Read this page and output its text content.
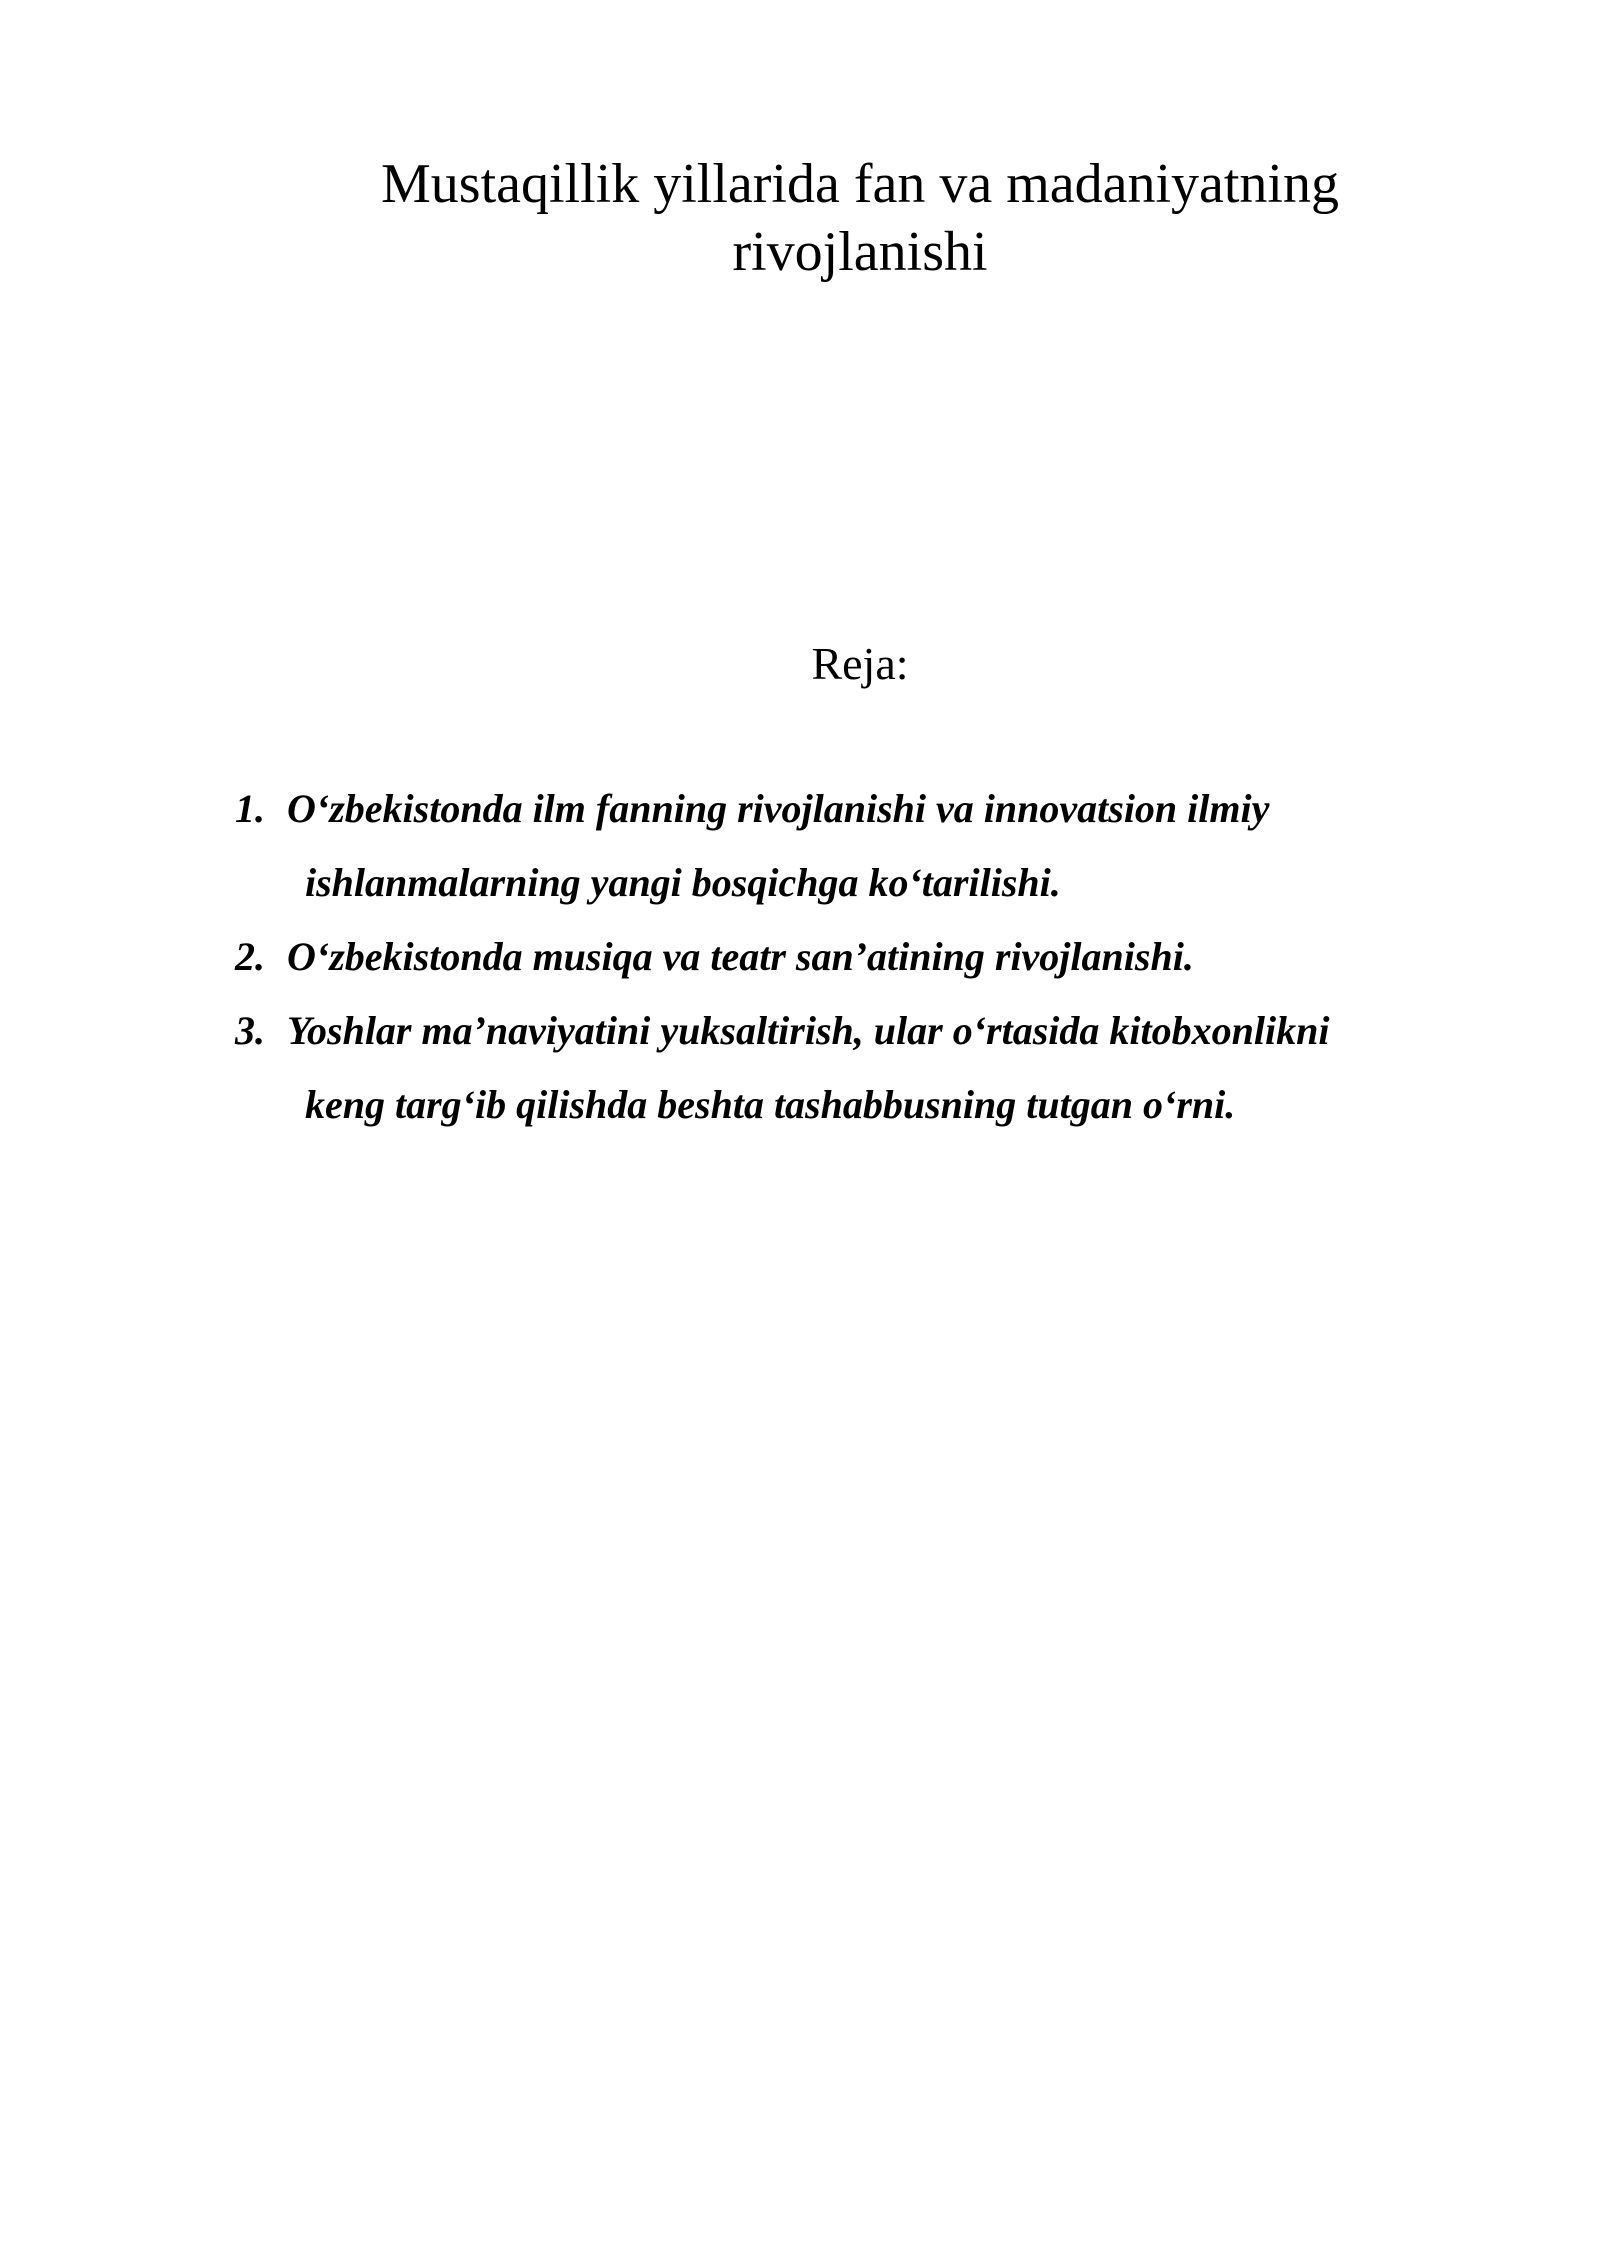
Mustaqillik yillarida fan va madaniyatning
rivojlanishi

Reja:

1. O‘zbekistonda ilm fanning rivojlanishi va innovatsion ilmiy
ishlanmalarning yangi bosqichga ko‘tarilishi.
2. O‘zbekistonda musiqa va teatr san’atining rivojlanishi.
3. Yoshlar ma’naviyatini yuksaltirish, ular o‘rtasida kitobxonlikni
keng targ‘ib qilishda beshta tashabbusning tutgan o‘rni.
